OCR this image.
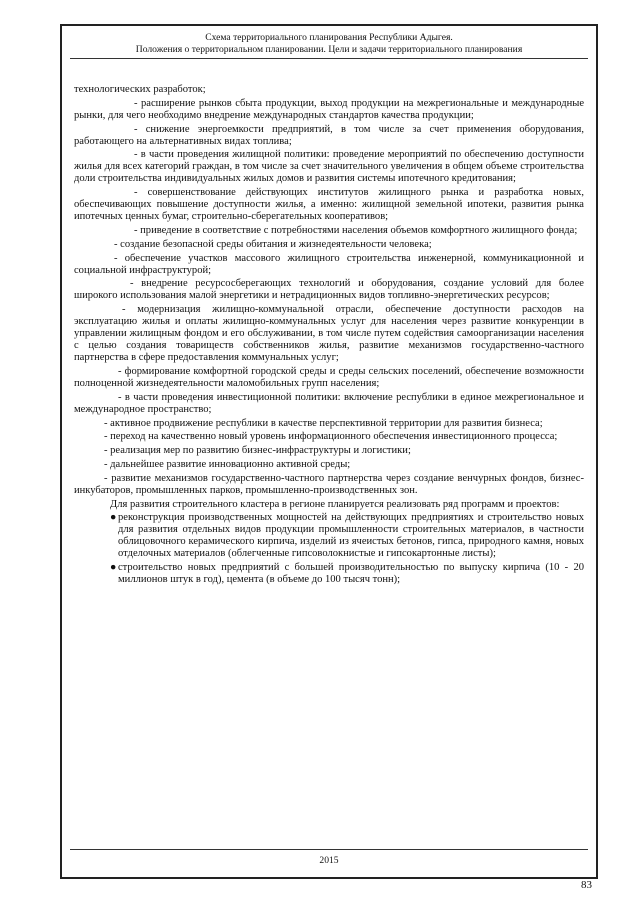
Схема территориального планирования Республики Адыгея.
Положения о территориальном планировании. Цели и задачи территориального планирования

технологических разработок;

- расширение рынков сбыта продукции, выход продукции на межрегиональные и международные рынки, для чего необходимо внедрение международных стандартов качества продукции;

- снижение энергоемкости предприятий, в том числе за счет применения оборудования, работающего на альтернативных видах топлива;

- в части проведения жилищной политики: проведение мероприятий по обеспечению доступности жилья для всех категорий граждан, в том числе за счет значительного увеличения в общем объеме строительства доли строительства индивидуальных жилых домов и развития системы ипотечного кредитования;

- совершенствование действующих институтов жилищного рынка и разработка новых, обеспечивающих повышение доступности жилья, а именно: жилищной земельной ипотеки, развития рынка ипотечных ценных бумаг, строительно-сберегательных кооперативов;

- приведение в соответствие с потребностями населения объемов комфортного жилищного фонда;

- создание безопасной среды обитания и жизнедеятельности человека;

- обеспечение участков массового жилищного строительства инженерной, коммуникационной и социальной инфраструктурой;

- внедрение ресурсосберегающих технологий и оборудования, создание условий для более широкого использования малой энергетики и нетрадиционных видов топливно-энергетических ресурсов;

- модернизация жилищно-коммунальной отрасли, обеспечение доступности расходов на эксплуатацию жилья и оплаты жилищно-коммунальных услуг для населения через развитие конкуренции в управлении жилищным фондом и его обслуживании, в том числе путем содействия самоорганизации населения с целью создания товариществ собственников жилья, развитие механизмов государственно-частного партнерства в сфере предоставления коммунальных услуг;

- формирование комфортной городской среды и среды сельских поселений, обеспечение возможности полноценной жизнедеятельности маломобильных групп населения;

- в части проведения инвестиционной политики: включение республики в единое межрегиональное и международное пространство;

- активное продвижение республики в качестве перспективной территории для развития бизнеса;

- переход на качественно новый уровень информационного обеспечения инвестиционного процесса;

- реализация мер по развитию бизнес-инфраструктуры и логистики;

- дальнейшее развитие инновационно активной среды;

- развитие механизмов государственно-частного партнерства через создание венчурных фондов, бизнес-инкубаторов, промышленных парков, промышленно-производственных зон.

Для развития строительного кластера в регионе планируется реализовать ряд программ и проектов:

● реконструкция производственных мощностей на действующих предприятиях и строительство новых для развития отдельных видов продукции промышленности строительных материалов, в частности облицовочного керамического кирпича, изделий из ячеистых бетонов, гипса, природного камня, новых отделочных материалов (облегченные гипсоволокнистые и гипсокартонные листы);
● строительство новых предприятий с большей производительностью по выпуску кирпича (10 - 20 миллионов штук в год), цемента (в объеме до 100 тысяч тонн);
2015
83
